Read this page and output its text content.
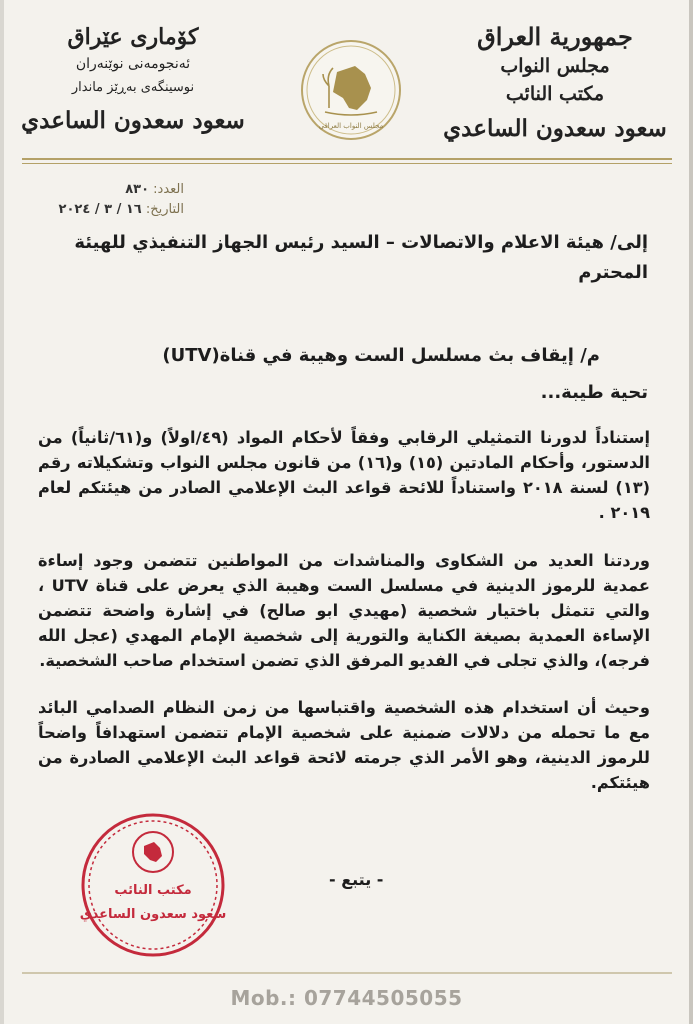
جمهورية العراق
مجلس النواب
مكتب النائب
سعود سعدون الساعدي
كۆماری عێراق
ئەنجومەنی نوێنەران
نوسینگەی بەڕێز ماندار
سعود سعدون الساعدي	مجلس النواب العراقي
العدد: ٨٣٠
التاريخ: ١٦ / ٣ / ٢٠٢٤
إلى/ هيئة الاعلام والاتصالات – السيد رئيس الجهاز التنفيذي للهيئة
المحترم
م/ إيقاف بث مسلسل الست وهيبة في قناة(UTV)
تحية طيبة...
إستناداً لدورنا التمثيلي الرقابي وفقاً لأحكام المواد (٤٩/اولاً) و(٦١/ثانياً) من الدستور، وأحكام المادتين (١٥) و(١٦) من قانون مجلس النواب وتشكيلاته رقم (١٣) لسنة ٢٠١٨ واستناداً للائحة قواعد البث الإعلامي الصادر من هيئتكم لعام ٢٠١٩ .
وردتنا العديد من الشكاوى والمناشدات من المواطنين تتضمن وجود إساءة عمدية للرموز الدينية في مسلسل الست وهيبة الذي يعرض على قناة UTV ، والتي تتمثل باختيار شخصية (مهيدي ابو صالح) في إشارة واضحة تتضمن الإساءة العمدية بصيغة الكناية والتورية إلى شخصية الإمام المهدي (عجل الله فرجه)، والذي تجلى في الفديو المرفق الذي تضمن استخدام صاحب الشخصية.
وحيث أن استخدام هذه الشخصية واقتباسها من زمن النظام الصدامي البائد مع ما تحمله من دلالات ضمنية على شخصية الإمام تتضمن استهدافاً واضحاً للرموز الدينية، وهو الأمر الذي جرمته لائحة قواعد البث الإعلامي الصادرة من هيئتكم.
- يتبع -
مكتب النائب
سعود سعدون الساعدي
Mob.: 07744505055
